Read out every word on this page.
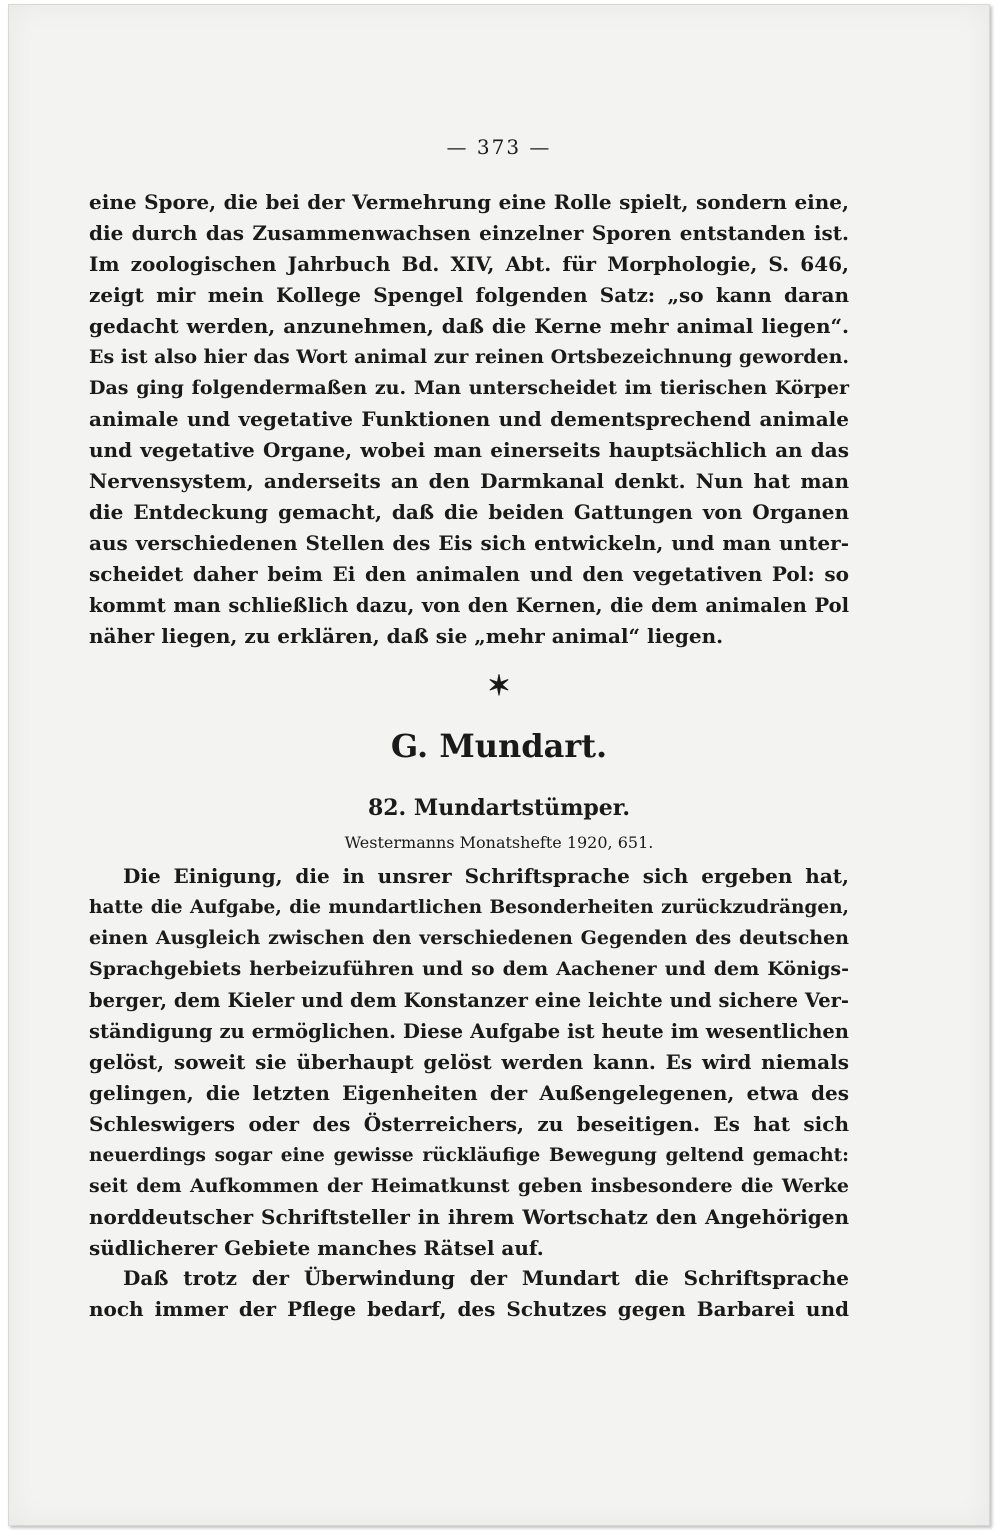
— 373 —
eine Spore, die bei der Vermehrung eine Rolle spielt, sondern eine,
die durch das Zusammenwachsen einzelner Sporen entstanden ist.
Im zoologischen Jahrbuch Bd. XIV, Abt. für Morphologie, S. 646,
zeigt mir mein Kollege Spengel folgenden Satz: „so kann daran
gedacht werden, anzunehmen, daß die Kerne mehr animal liegen“.
Es ist also hier das Wort animal zur reinen Ortsbezeichnung geworden.
Das ging folgendermaßen zu. Man unterscheidet im tierischen Körper
animale und vegetative Funktionen und dementsprechend animale
und vegetative Organe, wobei man einerseits hauptsächlich an das
Nervensystem, anderseits an den Darmkanal denkt. Nun hat man
die Entdeckung gemacht, daß die beiden Gattungen von Organen
aus verschiedenen Stellen des Eis sich entwickeln, und man unter-
scheidet daher beim Ei den animalen und den vegetativen Pol: so
kommt man schließlich dazu, von den Kernen, die dem animalen Pol
näher liegen, zu erklären, daß sie „mehr animal“ liegen.
✶
G. Mundart.
82. Mundartstümper.
Westermanns Monatshefte 1920, 651.
Die Einigung, die in unsrer Schriftsprache sich ergeben hat,
hatte die Aufgabe, die mundartlichen Besonderheiten zurückzudrängen,
einen Ausgleich zwischen den verschiedenen Gegenden des deutschen
Sprachgebiets herbeizuführen und so dem Aachener und dem Königs-
berger, dem Kieler und dem Konstanzer eine leichte und sichere Ver-
ständigung zu ermöglichen. Diese Aufgabe ist heute im wesentlichen
gelöst, soweit sie überhaupt gelöst werden kann. Es wird niemals
gelingen, die letzten Eigenheiten der Außengelegenen, etwa des
Schleswigers oder des Österreichers, zu beseitigen. Es hat sich
neuerdings sogar eine gewisse rückläufige Bewegung geltend gemacht:
seit dem Aufkommen der Heimatkunst geben insbesondere die Werke
norddeutscher Schriftsteller in ihrem Wortschatz den Angehörigen
südlicherer Gebiete manches Rätsel auf.
Daß trotz der Überwindung der Mundart die Schriftsprache
noch immer der Pflege bedarf, des Schutzes gegen Barbarei und
